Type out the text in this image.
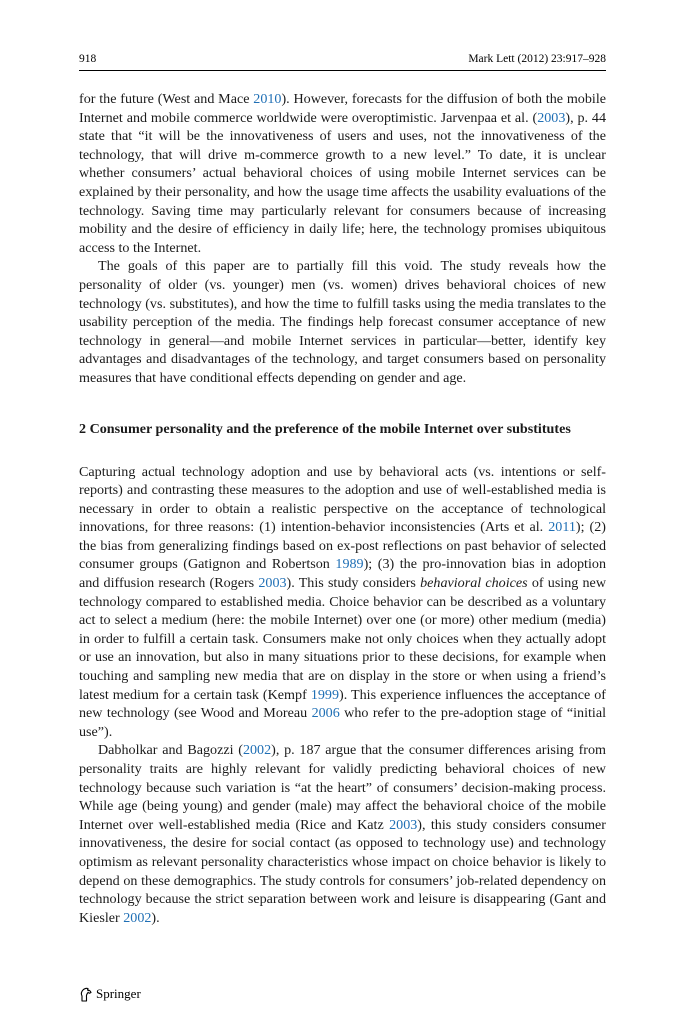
918	Mark Lett (2012) 23:917–928

for the future (West and Mace 2010). However, forecasts for the diffusion of both the mobile Internet and mobile commerce worldwide were overoptimistic. Jarvenpaa et al. (2003), p. 44 state that “it will be the innovativeness of users and uses, not the innovativeness of the technology, that will drive m-commerce growth to a new level.” To date, it is unclear whether consumers’ actual behavioral choices of using mobile Internet services can be explained by their personality, and how the usage time affects the usability evaluations of the technology. Saving time may particularly relevant for consumers because of increasing mobility and the desire of efficiency in daily life; here, the technology promises ubiquitous access to the Internet.

The goals of this paper are to partially fill this void. The study reveals how the personality of older (vs. younger) men (vs. women) drives behavioral choices of new technology (vs. substitutes), and how the time to fulfill tasks using the media translates to the usability perception of the media. The findings help forecast consumer acceptance of new technology in general—and mobile Internet services in particular—better, identify key advantages and disadvantages of the technology, and target consumers based on personality measures that have conditional effects depending on gender and age.

2 Consumer personality and the preference of the mobile Internet over substitutes

Capturing actual technology adoption and use by behavioral acts (vs. intentions or self-reports) and contrasting these measures to the adoption and use of well-established media is necessary in order to obtain a realistic perspective on the acceptance of technological innovations, for three reasons: (1) intention-behavior inconsistencies (Arts et al. 2011); (2) the bias from generalizing findings based on ex-post reflections on past behavior of selected consumer groups (Gatignon and Robertson 1989); (3) the pro-innovation bias in adoption and diffusion research (Rogers 2003). This study considers behavioral choices of using new technology compared to established media. Choice behavior can be described as a voluntary act to select a medium (here: the mobile Internet) over one (or more) other medium (media) in order to fulfill a certain task. Consumers make not only choices when they actually adopt or use an innovation, but also in many situations prior to these decisions, for example when touching and sampling new media that are on display in the store or when using a friend’s latest medium for a certain task (Kempf 1999). This experience influences the acceptance of new technology (see Wood and Moreau 2006 who refer to the pre-adoption stage of “initial use”).

Dabholkar and Bagozzi (2002), p. 187 argue that the consumer differences arising from personality traits are highly relevant for validly predicting behavioral choices of new technology because such variation is “at the heart” of consumers’ decision-making process. While age (being young) and gender (male) may affect the behavioral choice of the mobile Internet over well-established media (Rice and Katz 2003), this study considers consumer innovativeness, the desire for social contact (as opposed to technology use) and technology optimism as relevant personality characteristics whose impact on choice behavior is likely to depend on these demographics. The study controls for consumers’ job-related dependency on technology because the strict separation between work and leisure is disappearing (Gant and Kiesler 2002).

Springer
